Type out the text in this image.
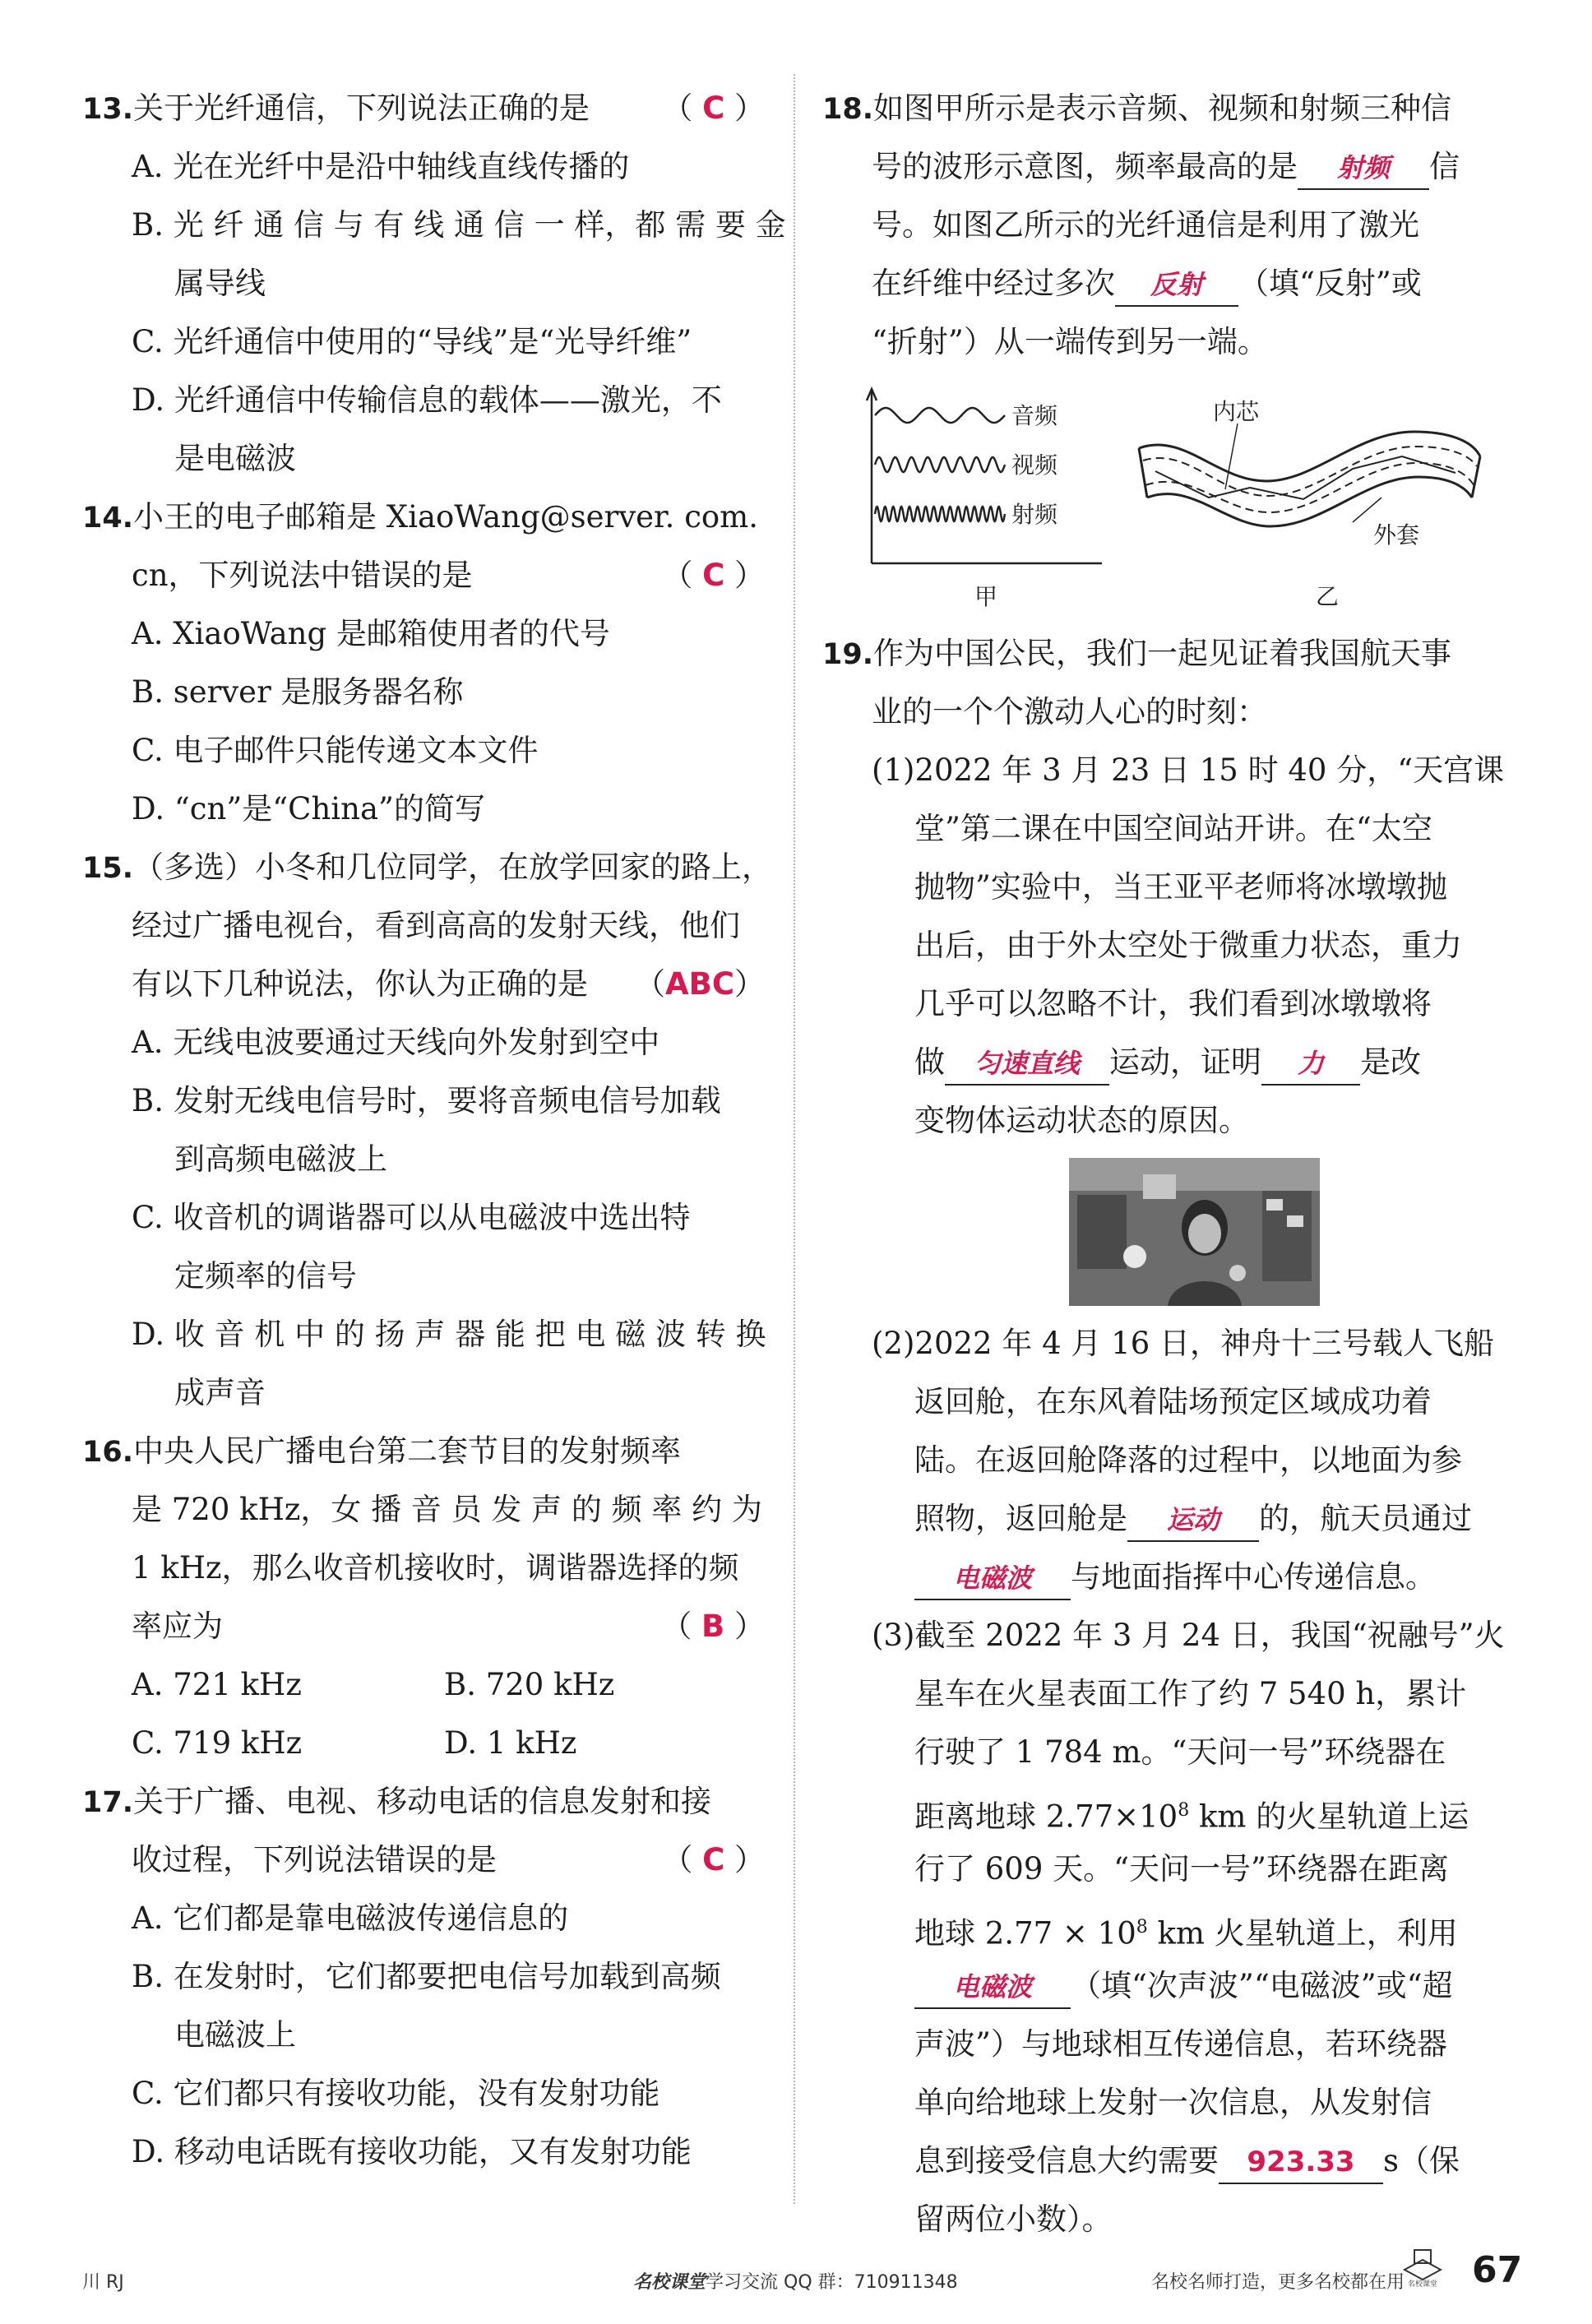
13.关于光纤通信，下列说法正确的是 （ C ）
A. 光在光纤中是沿中轴线直线传播的
B. 光 纤 通 信 与 有 线 通 信 一 样，都 需 要 金
属导线
C. 光纤通信中使用的“导线”是“光导纤维”
D. 光纤通信中传输信息的载体——激光，不
是电磁波
14.小王的电子邮箱是 XiaoWang@server. com.
cn，下列说法中错误的是	（ C ）
A. XiaoWang 是邮箱使用者的代号
B. server 是服务器名称
C. 电子邮件只能传递文本文件
D. “cn”是“China”的简写
15.（多选）小冬和几位同学，在放学回家的路上，
经过广播电视台，看到高高的发射天线，他们
有以下几种说法，你认为正确的是 （ABC）
A. 无线电波要通过天线向外发射到空中
B. 发射无线电信号时，要将音频电信号加载
到高频电磁波上
C. 收音机的调谐器可以从电磁波中选出特
定频率的信号
D. 收 音 机 中 的 扬 声 器 能 把 电 磁 波 转 换
成声音
16.中央人民广播电台第二套节目的发射频率
是 720 kHz，女 播 音 员 发 声 的 频 率 约 为
1 kHz，那么收音机接收时，调谐器选择的频
率应为	（ B ）
A. 721 kHz	B. 720 kHz
C. 719 kHz	D. 1 kHz
17.关于广播、电视、移动电话的信息发射和接
收过程，下列说法错误的是	（ C ）
A. 它们都是靠电磁波传递信息的
B. 在发射时，它们都要把电信号加载到高频
电磁波上
C. 它们都只有接收功能，没有发射功能
D. 移动电话既有接收功能，又有发射功能
18.如图甲所示是表示音频、视频和射频三种信
号的波形示意图，频率最高的是 射频 信
号。如图乙所示的光纤通信是利用了激光
在纤维中经过多次 反射 （填“反射”或
“折射”）从一端传到另一端。
音频
视频
射频
甲
内芯
外套
乙
19.作为中国公民，我们一起见证着我国航天事
业的一个个激动人心的时刻：
(1)2022 年 3 月 23 日 15 时 40 分，“天宫课
堂”第二课在中国空间站开讲。在“太空
抛物”实验中，当王亚平老师将冰墩墩抛
出后，由于外太空处于微重力状态，重力
几乎可以忽略不计，我们看到冰墩墩将
做 匀速直线 运动，证明 力 是改
变物体运动状态的原因。
(2)2022 年 4 月 16 日，神舟十三号载人飞船
返回舱，在东风着陆场预定区域成功着
陆。在返回舱降落的过程中，以地面为参
照物，返回舱是 运动 的，航天员通过
电磁波 与地面指挥中心传递信息。
(3)截至 2022 年 3 月 24 日，我国“祝融号”火
星车在火星表面工作了约 7 540 h，累计
行驶了 1 784 m。“天问一号”环绕器在
距离地球 $2.77\times 10^8$ km 的火星轨道上运
行了 609 天。“天问一号”环绕器在距离
地球 $2.77 \times 10^8$ km 火星轨道上，利用
电磁波 （填“次声波”“电磁波”或“超
声波”）与地球相互传递信息，若环绕器
单向给地球上发射一次信息，从发射信
息到接受信息大约需要 923.33 s（保
留两位小数）。
川 RJ	名校课堂学习交流 QQ 群：710911348	名校名师打造，更多名校都在用 名校课堂 67
